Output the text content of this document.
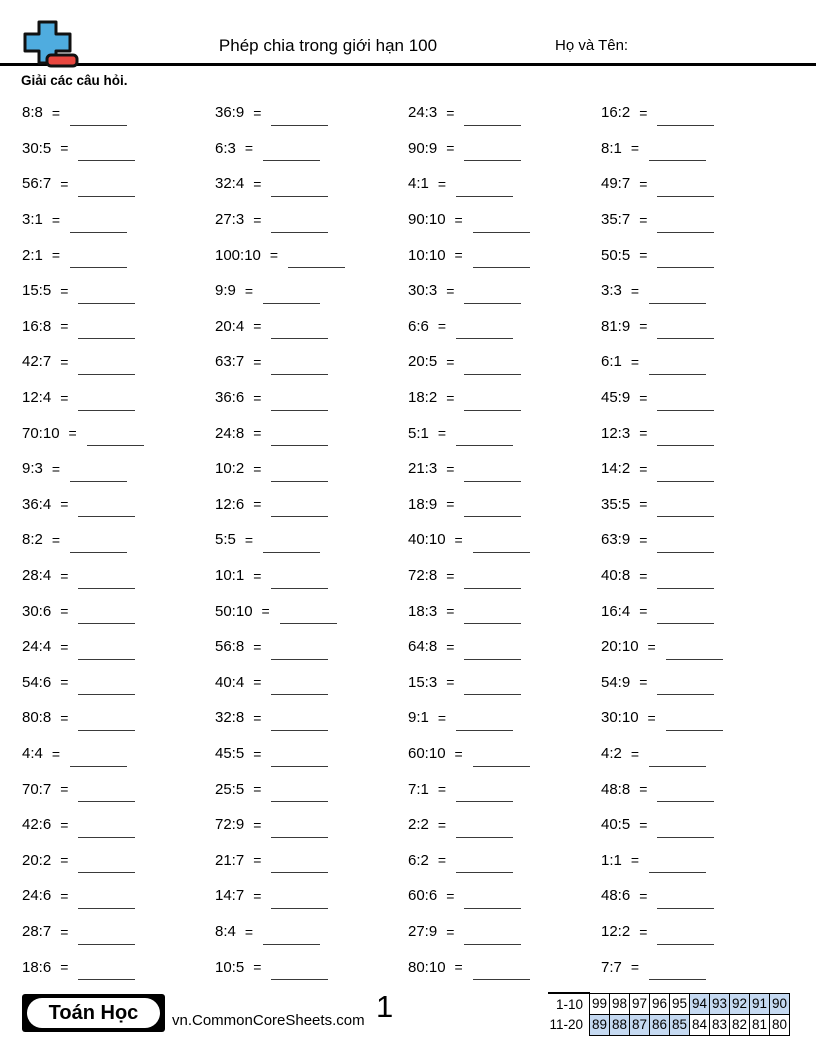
Phép chia trong giới hạn 100	Họ và Tên:
Giải các câu hỏi.
8:8 =
30:5 =
56:7 =
3:1 =
2:1 =
15:5 =
16:8 =
42:7 =
12:4 =
70:10 =
9:3 =
36:4 =
8:2 =
28:4 =
30:6 =
24:4 =
54:6 =
80:8 =
4:4 =
70:7 =
42:6 =
20:2 =
24:6 =
28:7 =
18:6 =
36:9 =
6:3 =
32:4 =
27:3 =
100:10 =
9:9 =
20:4 =
63:7 =
36:6 =
24:8 =
10:2 =
12:6 =
5:5 =
10:1 =
50:10 =
56:8 =
40:4 =
32:8 =
45:5 =
25:5 =
72:9 =
21:7 =
14:7 =
8:4 =
10:5 =
24:3 =
90:9 =
4:1 =
90:10 =
10:10 =
30:3 =
6:6 =
20:5 =
18:2 =
5:1 =
21:3 =
18:9 =
40:10 =
72:8 =
18:3 =
64:8 =
15:3 =
9:1 =
60:10 =
7:1 =
2:2 =
6:2 =
60:6 =
27:9 =
80:10 =
16:2 =
8:1 =
49:7 =
35:7 =
50:5 =
3:3 =
81:9 =
6:1 =
45:9 =
12:3 =
14:2 =
35:5 =
63:9 =
40:8 =
16:4 =
20:10 =
54:9 =
30:10 =
4:2 =
48:8 =
40:5 =
1:1 =
48:6 =
12:2 =
7:7 =
Toán Học	vn.CommonCoreSheets.com 1	1-10	99	98	97	96	95	94	93	92	91	90
11-20	89	88	87	86	85	84	83	82	81	80
